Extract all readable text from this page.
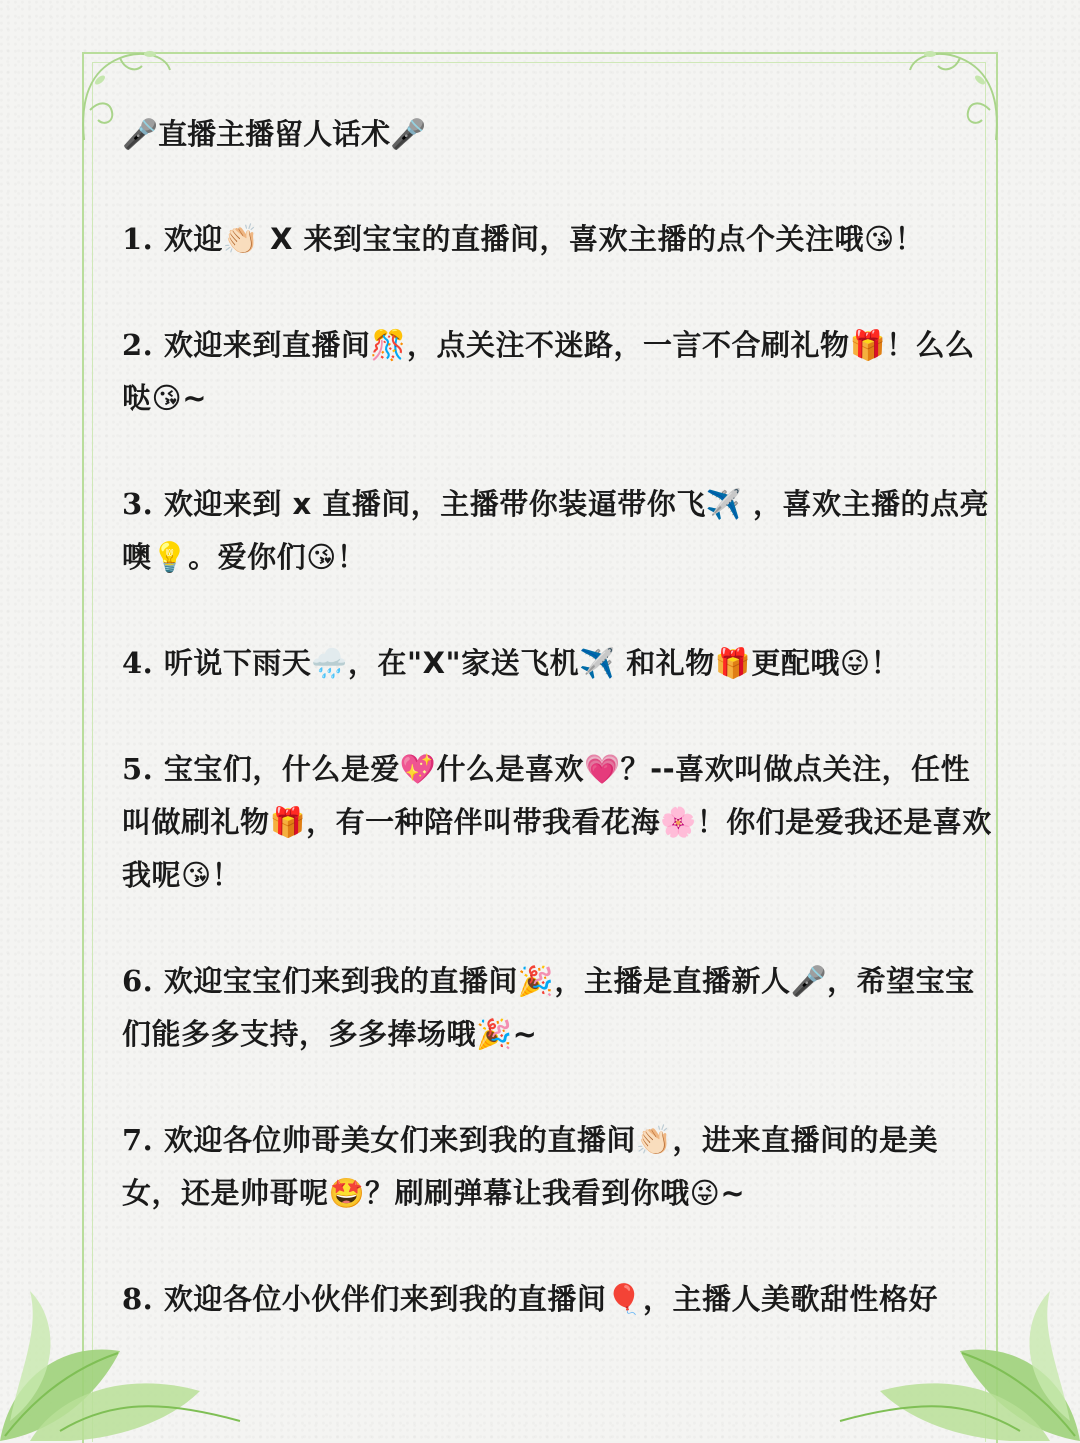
🎤直播主播留人话术🎤
1. 欢迎👏🏻 X 来到宝宝的直播间，喜欢主播的点个关注哦😘！
2. 欢迎来到直播间🎊，点关注不迷路，一言不合刷礼物🎁！么么哒😘~
3. 欢迎来到 x 直播间，主播带你装逼带你飞✈️ ，喜欢主播的点亮噢💡。爱你们😘！
4. 听说下雨天🌧️，在"X"家送飞机✈️ 和礼物🎁更配哦😜！
5. 宝宝们，什么是爱💖什么是喜欢💗？--喜欢叫做点关注，任性叫做刷礼物🎁，有一种陪伴叫带我看花海🌸！你们是爱我还是喜欢我呢😘！
6. 欢迎宝宝们来到我的直播间🎉，主播是直播新人🎤，希望宝宝们能多多支持，多多捧场哦🎉~
7. 欢迎各位帅哥美女们来到我的直播间👏🏻，进来直播间的是美女，还是帅哥呢🤩？刷刷弹幕让我看到你哦😜~
8. 欢迎各位小伙伴们来到我的直播间🎈，主播人美歌甜性格好
